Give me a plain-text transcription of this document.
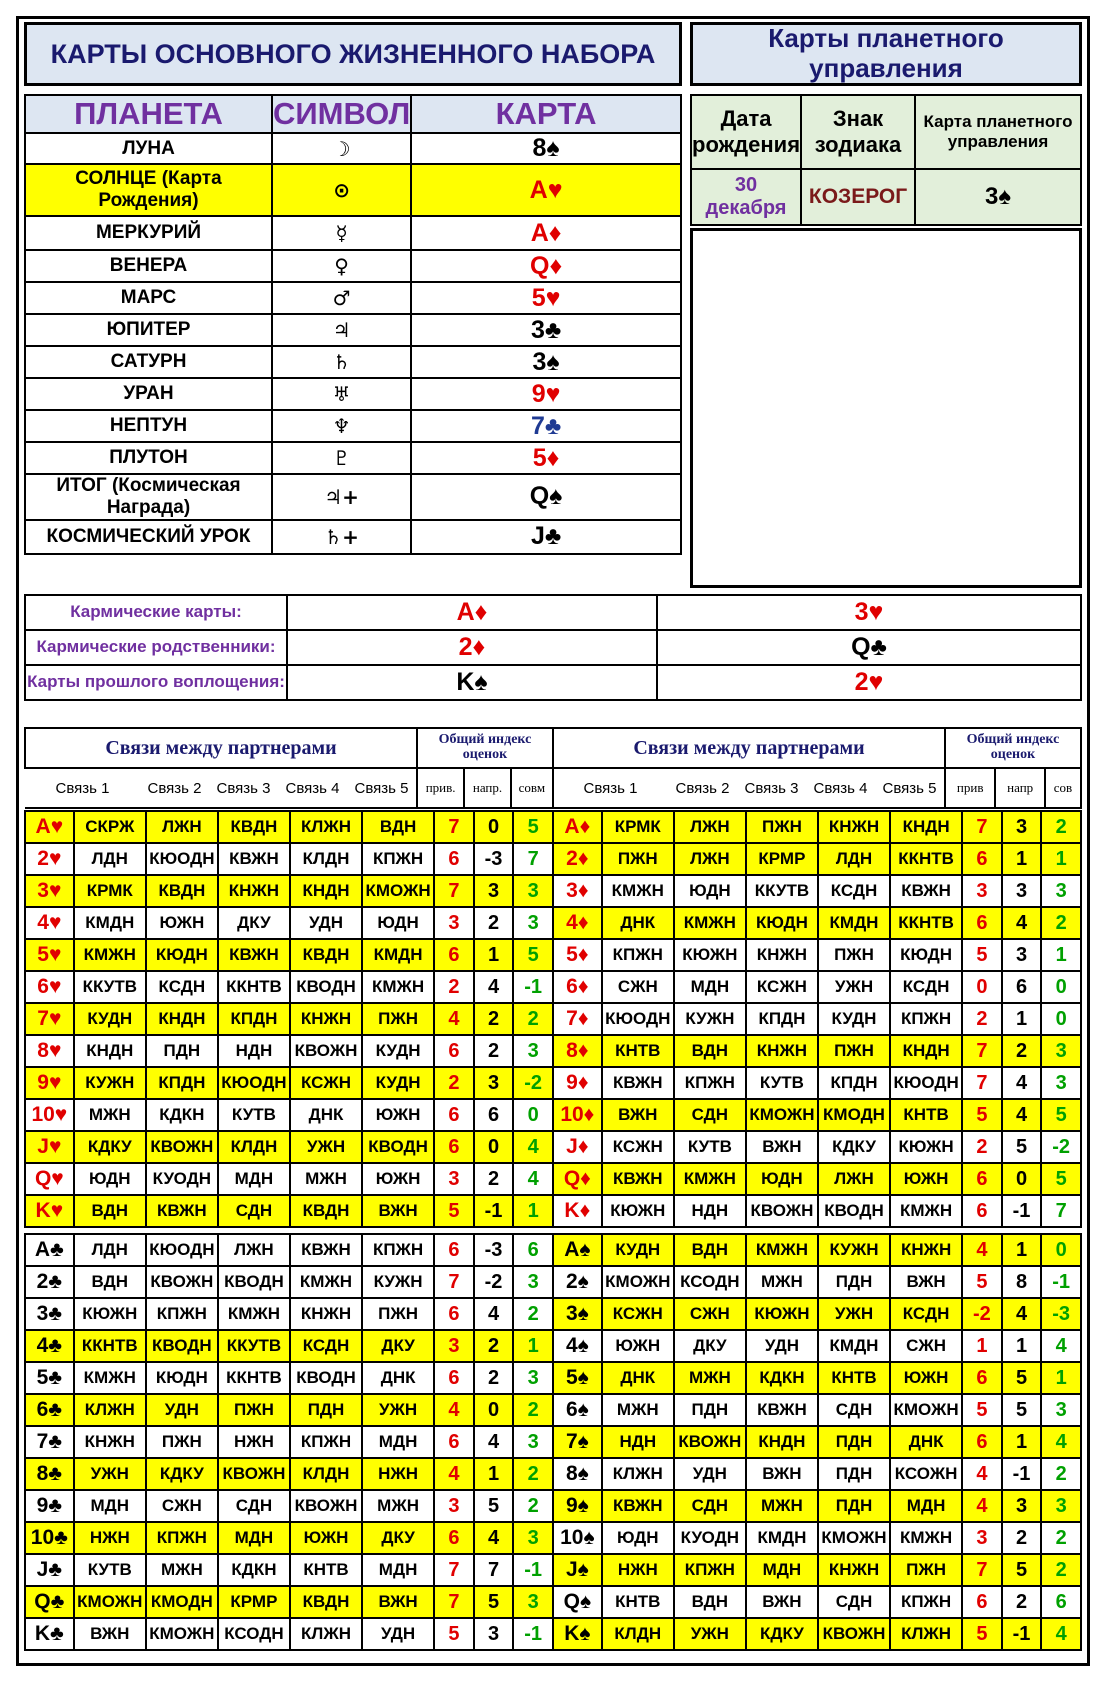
КАРТЫ ОСНОВНОГО ЖИЗНЕННОГО НАБОРА
Карты планетного управления
ПЛАНЕТА	СИМВОЛ	КАРТА
ЛУНА	☽	8♠
СОЛНЦЕ (Карта Рождения)	⊙	A♥
МЕРКУРИЙ	☿	A♦
ВЕНЕРА	♀	Q♦
МАРС	♂	5♥
ЮПИТЕР	♃	3♣
САТУРН	♄	3♠
УРАН	♅	9♥
НЕПТУН	♆	7♣
ПЛУТОН	♇	5♦
ИТОГ (Космическая Награда)	♃+	Q♠
КОСМИЧЕСКИЙ УРОК	♄+	J♣
Дата рождения	Знак зодиака	Карта планетного управления
30 декабря	КОЗЕРОГ	3♠
Кармические карты:	A♦	3♥
Кармические родственники:	2♦	Q♣
Карты прошлого воплощения:	K♠	2♥
Связи между партнерами					Общий индекс оценок		
Связь 1	Связь 2	Связь 3	Связь 4	Связь 5	прив.	напр.	совм
Связи между партнерами					Общий индекс оценок		
Связь 1	Связь 2	Связь 3	Связь 4	Связь 5	прив	напр	сов
A♥	СКРЖ	ЛЖН	КВДН	КЛЖН	ВДН	7	0	5
2♥	ЛДН	КЮОДН	КВЖН	КЛДН	КПЖН	6	-3	7
3♥	КРМК	КВДН	КНЖН	КНДН	КМОЖН	7	3	3
4♥	КМДН	ЮЖН	ДКУ	УДН	ЮДН	3	2	3
5♥	КМЖН	КЮДН	КВЖН	КВДН	КМДН	6	1	5
6♥	ККУТВ	КСДН	ККНТВ	КВОДН	КМЖН	2	4	-1
7♥	КУДН	КНДН	КПДН	КНЖН	ПЖН	4	2	2
8♥	КНДН	ПДН	НДН	КВОЖН	КУДН	6	2	3
9♥	КУЖН	КПДН	КЮОДН	КСЖН	КУДН	2	3	-2
10♥	МЖН	КДКН	КУТВ	ДНК	ЮЖН	6	6	0
J♥	КДКУ	КВОЖН	КЛДН	УЖН	КВОДН	6	0	4
Q♥	ЮДН	КУОДН	МДН	МЖН	ЮЖН	3	2	4
K♥	ВДН	КВЖН	СДН	КВДН	ВЖН	5	-1	1
A♦	КРМК	ЛЖН	ПЖН	КНЖН	КНДН	7	3	2
2♦	ПЖН	ЛЖН	КРМР	ЛДН	ККНТВ	6	1	1
3♦	КМЖН	ЮДН	ККУТВ	КСДН	КВЖН	3	3	3
4♦	ДНК	КМЖН	КЮДН	КМДН	ККНТВ	6	4	2
5♦	КПЖН	КЮЖН	КНЖН	ПЖН	КЮДН	5	3	1
6♦	СЖН	МДН	КСЖН	УЖН	КСДН	0	6	0
7♦	КЮОДН	КУЖН	КПДН	КУДН	КПЖН	2	1	0
8♦	КНТВ	ВДН	КНЖН	ПЖН	КНДН	7	2	3
9♦	КВЖН	КПЖН	КУТВ	КПДН	КЮОДН	7	4	3
10♦	ВЖН	СДН	КМОЖН	КМОДН	КНТВ	5	4	5
J♦	КСЖН	КУТВ	ВЖН	КДКУ	КЮЖН	2	5	-2
Q♦	КВЖН	КМЖН	ЮДН	ЛЖН	ЮЖН	6	0	5
K♦	КЮЖН	НДН	КВОЖН	КВОДН	КМЖН	6	-1	7
A♣	ЛДН	КЮОДН	ЛЖН	КВЖН	КПЖН	6	-3	6
2♣	ВДН	КВОЖН	КВОДН	КМЖН	КУЖН	7	-2	3
3♣	КЮЖН	КПЖН	КМЖН	КНЖН	ПЖН	6	4	2
4♣	ККНТВ	КВОДН	ККУТВ	КСДН	ДКУ	3	2	1
5♣	КМЖН	КЮДН	ККНТВ	КВОДН	ДНК	6	2	3
6♣	КЛЖН	УДН	ПЖН	ПДН	УЖН	4	0	2
7♣	КНЖН	ПЖН	НЖН	КПЖН	МДН	6	4	3
8♣	УЖН	КДКУ	КВОЖН	КЛДН	НЖН	4	1	2
9♣	МДН	СЖН	СДН	КВОЖН	МЖН	3	5	2
10♣	НЖН	КПЖН	МДН	ЮЖН	ДКУ	6	4	3
J♣	КУТВ	МЖН	КДКН	КНТВ	МДН	7	7	-1
Q♣	КМОЖН	КМОДН	КРМР	КВДН	ВЖН	7	5	3
K♣	ВЖН	КМОЖН	КСОДН	КЛЖН	УДН	5	3	-1
A♠	КУДН	ВДН	КМЖН	КУЖН	КНЖН	4	1	0
2♠	КМОЖН	КСОДН	МЖН	ПДН	ВЖН	5	8	-1
3♠	КСЖН	СЖН	КЮЖН	УЖН	КСДН	-2	4	-3
4♠	ЮЖН	ДКУ	УДН	КМДН	СЖН	1	1	4
5♠	ДНК	МЖН	КДКН	КНТВ	ЮЖН	6	5	1
6♠	МЖН	ПДН	КВЖН	СДН	КМОЖН	5	5	3
7♠	НДН	КВОЖН	КНДН	ПДН	ДНК	6	1	4
8♠	КЛЖН	УДН	ВЖН	ПДН	КСОЖН	4	-1	2
9♠	КВЖН	СДН	МЖН	ПДН	МДН	4	3	3
10♠	ЮДН	КУОДН	КМДН	КМОЖН	КМЖН	3	2	2
J♠	НЖН	КПЖН	МДН	КНЖН	ПЖН	7	5	2
Q♠	КНТВ	ВДН	ВЖН	СДН	КПЖН	6	2	6
K♠	КЛДН	УЖН	КДКУ	КВОЖН	КЛЖН	5	-1	4
